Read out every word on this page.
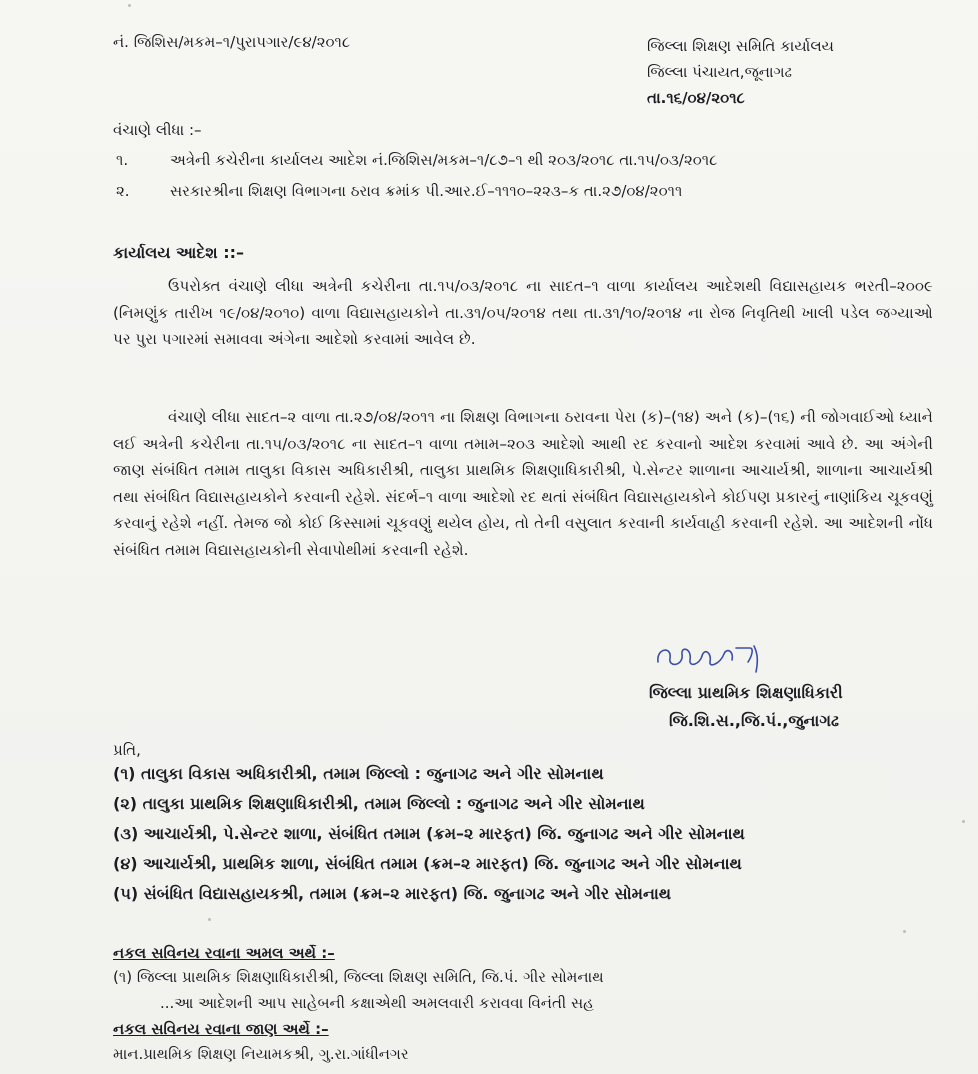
નં. જિશિસ/મકમ–૧/પુરાપગાર/૯૪/૨૦૧૮	જિલ્લા શિક્ષણ સમિતિ કાર્યાલય
જિલ્લા પંચાયત,જૂનાગઢ
તા.૧૬/૦૪/૨૦૧૮
વંચાણે લીધા :–
૧.	અત્રેની કચેરીના કાર્યાલય આદેશ નં.જિશિસ/મકમ–૧/૮૭–૧ થી ૨૦૩/૨૦૧૮ તા.૧૫/૦૩/૨૦૧૮
૨.	સરકારશ્રીના શિક્ષણ વિભાગના ઠરાવ ક્રમાંક પી.આર.ઈ–૧૧૧૦–૨૨૩–ક તા.૨૭/૦૪/૨૦૧૧
કાર્યાલય આદેશ ::–
ઉપરોક્ત વંચાણે લીધા અત્રેની કચેરીના તા.૧૫/૦૩/૨૦૧૮ ના સાદત–૧ વાળા કાર્યાલય આદેશથી વિદ્યાસહાયક ભરતી–૨૦૦૯ (નિમણુંક તારીખ ૧૯/૦૪/૨૦૧૦) વાળા વિદ્યાસહાયકોને તા.૩૧/૦૫/૨૦૧૪ તથા તા.૩૧/૧૦/૨૦૧૪ ના રોજ નિવૃતિથી ખાલી પડેલ જગ્યાઓ પર પુરા પગારમાં સમાવવા અંગેના આદેશો કરવામાં આવેલ છે.
વંચાણે લીધા સાદત–૨ વાળા તા.૨૭/૦૪/૨૦૧૧ ના શિક્ષણ વિભાગના ઠરાવના પેરા (ક)–(૧૪) અને (ક)–(૧૬) ની જોગવાઈઓ ધ્યાને લઈ અત્રેની કચેરીના તા.૧૫/૦૩/૨૦૧૮ ના સાદત–૧ વાળા તમામ–૨૦૩ આદેશો આથી રદ કરવાનો આદેશ કરવામાં આવે છે. આ અંગેની જાણ સંબંધિત તમામ તાલુકા વિકાસ અધિકારીશ્રી, તાલુકા પ્રાથમિક શિક્ષણાધિકારીશ્રી, પે.સેન્ટર શાળાના આચાર્યશ્રી, શાળાના આચાર્યશ્રી તથા સંબંધિત વિદ્યાસહાયકોને કરવાની રહેશે. સંદર્ભ–૧ વાળા આદેશો રદ થતાં સંબંધિત વિદ્યાસહાયકોને કોઈપણ પ્રકારનું નાણાંકિય ચૂકવણું કરવાનું રહેશે નહીં. તેમજ જો કોઈ કિસ્સામાં ચૂકવણું થયેલ હોય, તો તેની વસુલાત કરવાની કાર્યવાહી કરવાની રહેશે. આ આદેશની નોંધ સંબંધિત તમામ વિદ્યાસહાયકોની સેવાપોથીમાં કરવાની રહેશે.
જિલ્લા પ્રાથમિક શિક્ષણાધિકારી
જિ.શિ.સ.,જિ.પં.,જુનાગઢ
પ્રતિ,
(૧) તાલુકા વિકાસ અધિકારીશ્રી, તમામ જિલ્લો : જુનાગઢ અને ગીર સોમનાથ
(૨) તાલુકા પ્રાથમિક શિક્ષણાધિકારીશ્રી, તમામ જિલ્લો : જુનાગઢ અને ગીર સોમનાથ
(૩) આચાર્યશ્રી, પે.સેન્ટર શાળા, સંબંધિત તમામ (ક્રમ–૨ મારફત) જિ. જુનાગઢ અને ગીર સોમનાથ
(૪) આચાર્યશ્રી, પ્રાથમિક શાળા, સંબંધિત તમામ (ક્રમ–૨ મારફત) જિ. જુનાગઢ અને ગીર સોમનાથ
(૫) સંબંધિત વિદ્યાસહાયકશ્રી, તમામ (ક્રમ–૨ મારફત) જિ. જુનાગઢ અને ગીર સોમનાથ
નકલ સવિનય રવાના અમલ અર્થે :–
(૧) જિલ્લા પ્રાથમિક શિક્ષણાધિકારીશ્રી, જિલ્લા શિક્ષણ સમિતિ, જિ.પં. ગીર સોમનાથ
...આ આદેશની આપ સાહેબની કક્ષાએથી અમલવારી કરાવવા વિનંતી સહ
નકલ સવિનય રવાના જાણ અર્થે :–
માન.પ્રાથમિક શિક્ષણ નિયામકશ્રી, ગુ.રા.ગાંધીનગર
